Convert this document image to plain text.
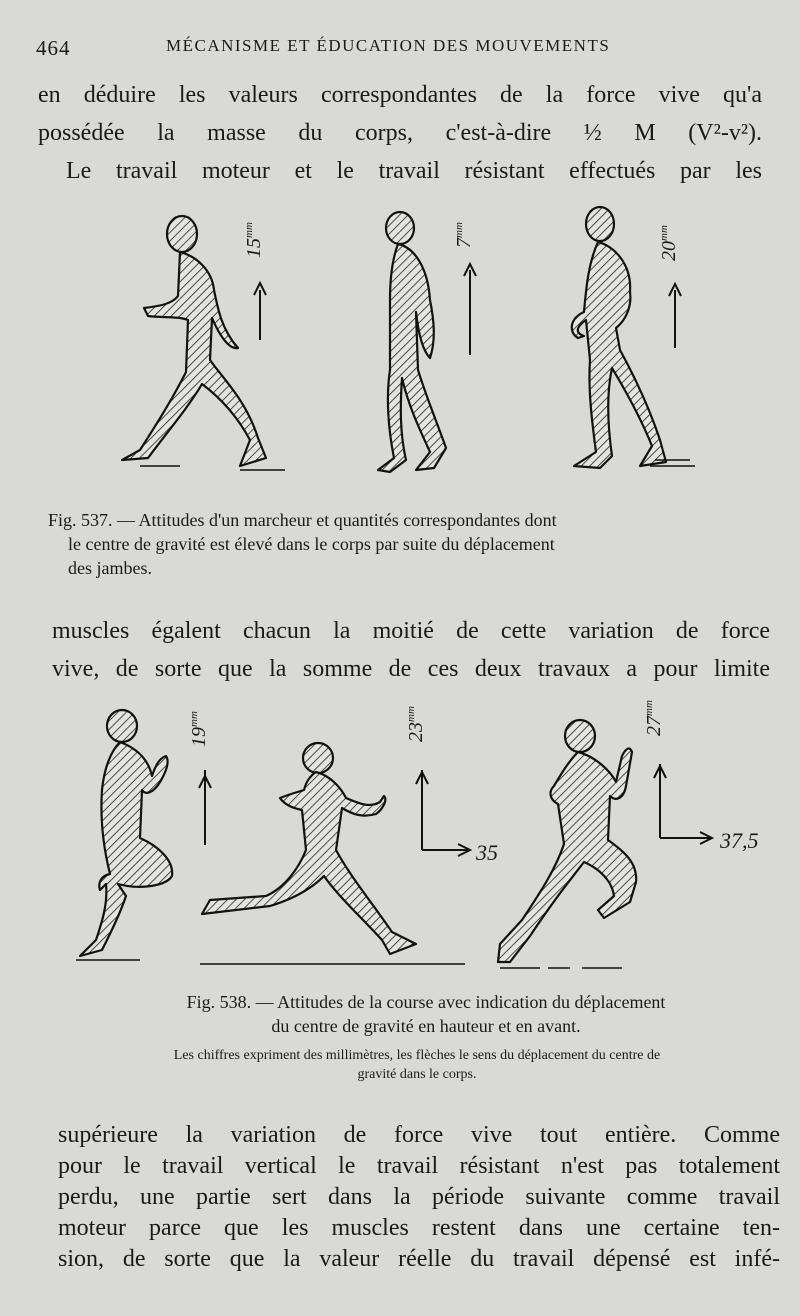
464	MÉCANISME ET ÉDUCATION DES MOUVEMENTS

en déduire les valeurs correspondantes de la force vive qu'a
possédée la masse du corps, c'est-à-dire ½ M (V²-v²).
Le travail moteur et le travail résistant effectués par les

$15^{mm}$
$7^{mm}$
$20^{mm}$
Fig. 537. — Attitudes d'un marcheur et quantités correspondantes dont
le centre de gravité est élevé dans le corps par suite du déplacement
des jambes.

muscles égalent chacun la moitié de cette variation de force
vive, de sorte que la somme de ces deux travaux a pour limite

$19^{mm}$
$23^{mm}$
35
$27^{mm}$
37,5
Fig. 538. — Attitudes de la course avec indication du déplacement
du centre de gravité en hauteur et en avant.
Les chiffres expriment des millimètres, les flèches le sens du déplacement du centre de
gravité dans le corps.

supérieure la variation de force vive tout entière. Comme
pour le travail vertical le travail résistant n'est pas totalement
perdu, une partie sert dans la période suivante comme travail
moteur parce que les muscles restent dans une certaine ten-
sion, de sorte que la valeur réelle du travail dépensé est infé-
